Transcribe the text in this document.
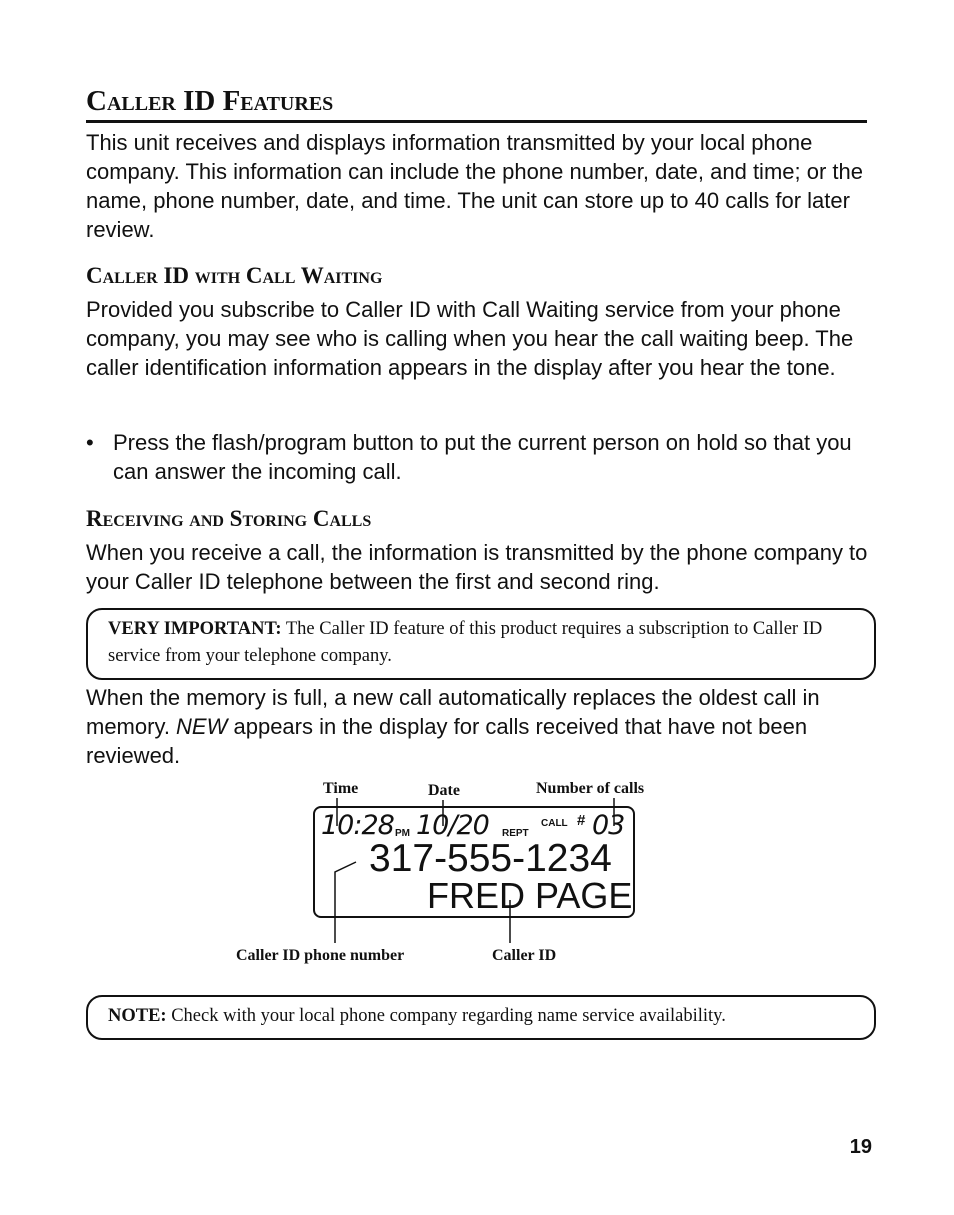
Caller ID Features

This unit receives and displays information transmitted by your local phone company. This information can include the phone number, date, and time; or the name, phone number, date, and time. The unit can store up to 40 calls for later review.

Caller ID with Call Waiting

Provided you subscribe to Caller ID with Call Waiting service from your phone company, you may see who is calling when you hear the call waiting beep. The caller identification information appears in the display after you hear the tone.

• Press the flash/program button to put the current person on hold so that you can answer the incoming call.
Receiving and Storing Calls

When you receive a call, the information is transmitted by the phone company to your Caller ID telephone between the first and second ring.

VERY IMPORTANT: The Caller ID feature of this product requires a subscription to Caller ID service from your telephone company.

When the memory is full, a new call automatically replaces the oldest call in memory. NEW appears in the display for calls received that have not been reviewed.

Time	Date	Number of calls
10:28 PM 10/20 REPT
CALL # 03
317-555-1234
FRED PAGE
Caller ID phone number	Caller ID
NOTE: Check with your local phone company regarding name service availability.
19
